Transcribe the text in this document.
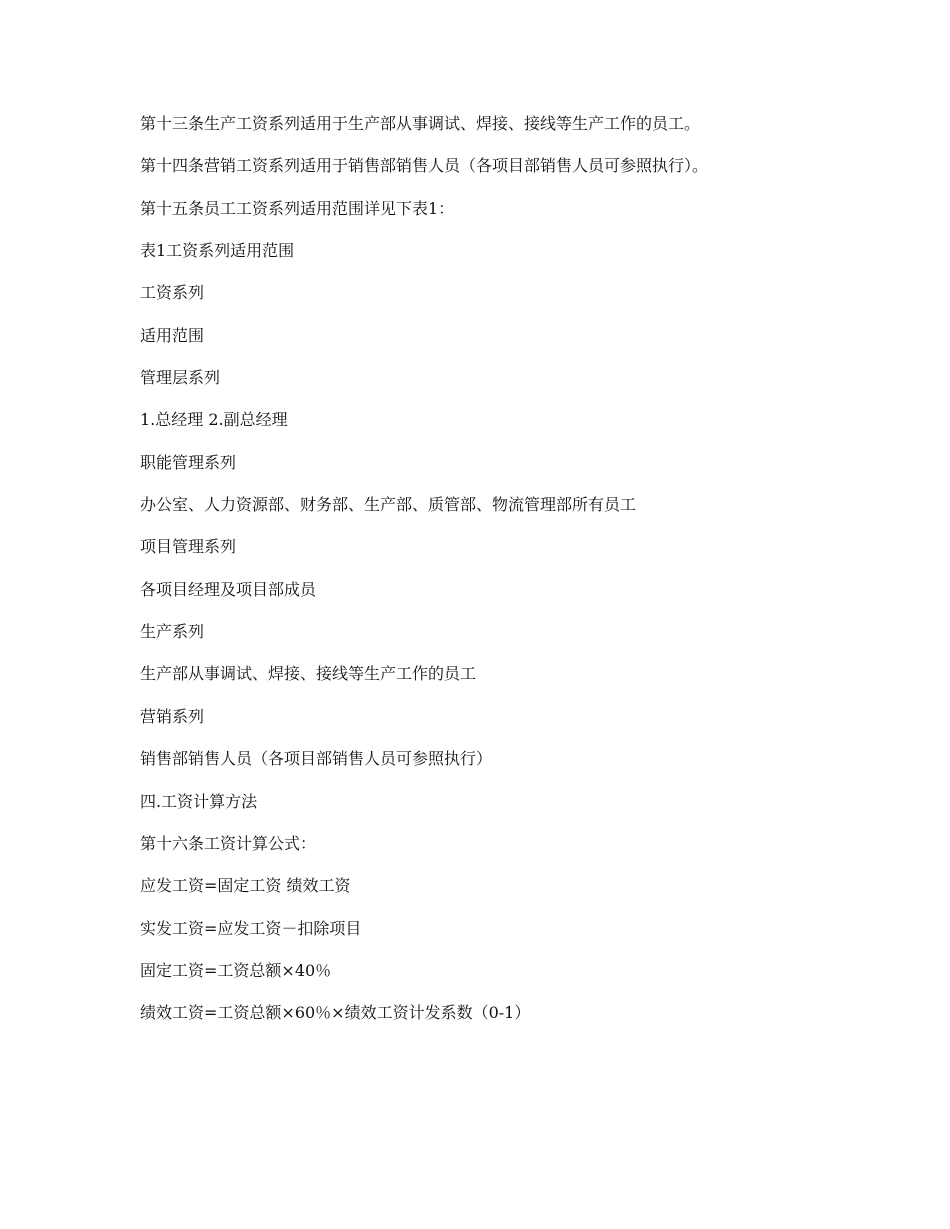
第十三条生产工资系列适用于生产部从事调试、焊接、接线等生产工作的员工。

第十四条营销工资系列适用于销售部销售人员（各项目部销售人员可参照执行）。

第十五条员工工资系列适用范围详见下表1：

表1工资系列适用范围

工资系列

适用范围

管理层系列

1.总经理 2.副总经理

职能管理系列

办公室、人力资源部、财务部、生产部、质管部、物流管理部所有员工

项目管理系列

各项目经理及项目部成员

生产系列

生产部从事调试、焊接、接线等生产工作的员工

营销系列

销售部销售人员（各项目部销售人员可参照执行）

四.工资计算方法

第十六条工资计算公式：

应发工资=固定工资 绩效工资

实发工资=应发工资－扣除项目

固定工资=工资总额×40％

绩效工资=工资总额×60％×绩效工资计发系数（0-1）
